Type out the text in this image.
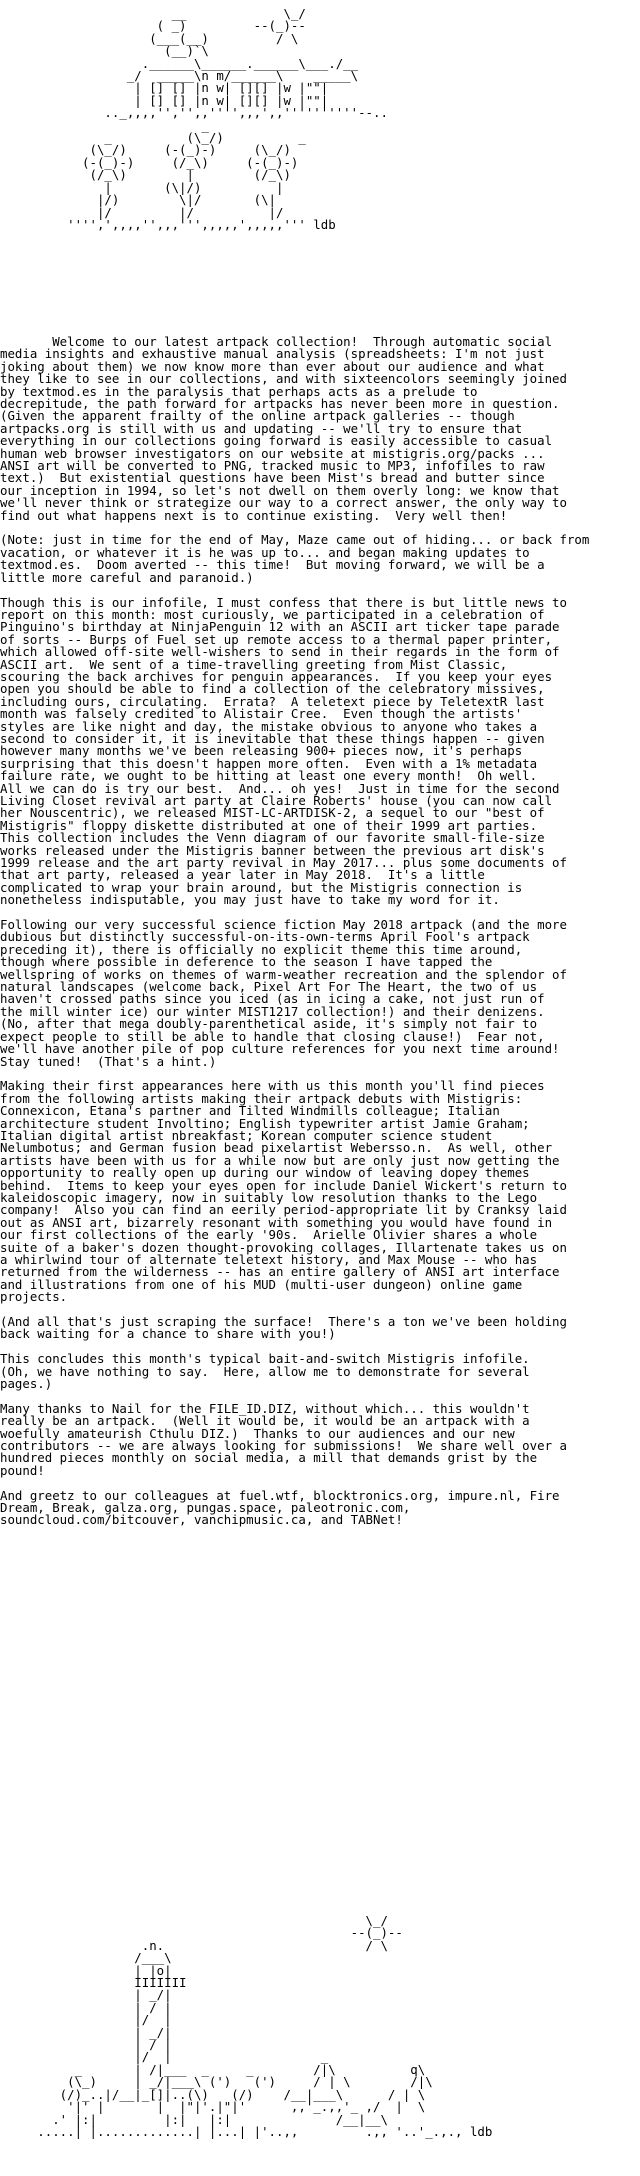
__             \_/
( _)         --(_)--
(___(__)         / \
(__)`\
.______\______.______\___./__
_/  _____\n m/______\    _____\
| [] [] |n w| [][] |w |""|
| [] [] |n w| [][] |w |""|
.._,,,,'','',,'''',,,',,''''''''''--..
_
_          (\_/)          _
(\_/)     (-(_)-)     (\_/)
(-(_)-)     (/_\)     (-(_)-)
(/_\)        |        (/_\)
|       (\|/)          |
|/)        \|/       (\|
|/         |/          |/
'''',',,,,'',,,''',,,,,',,,,,''' ldb
Welcome to our latest artpack collection!  Through automatic social
media insights and exhaustive manual analysis (spreadsheets: I'm not just
joking about them) we now know more than ever about our audience and what
they like to see in our collections, and with sixteencolors seemingly joined
by textmod.es in the paralysis that perhaps acts as a prelude to
decrepitude, the path forward for artpacks has never been more in question.
(Given the apparent frailty of the online artpack galleries -- though
artpacks.org is still with us and updating -- we'll try to ensure that
everything in our collections going forward is easily accessible to casual
human web browser investigators on our website at mistigris.org/packs ...
ANSI art will be converted to PNG, tracked music to MP3, infofiles to raw
text.)  But existential questions have been Mist's bread and butter since
our inception in 1994, so let's not dwell on them overly long: we know that
we'll never think or strategize our way to a correct answer, the only way to
find out what happens next is to continue existing.  Very well then!
(Note: just in time for the end of May, Maze came out of hiding... or back from
vacation, or whatever it is he was up to... and began making updates to
textmod.es.  Doom averted -- this time!  But moving forward, we will be a
little more careful and paranoid.)
Though this is our infofile, I must confess that there is but little news to
report on this month: most curiously, we participated in a celebration of
Pinguino's birthday at NinjaPenguin 12 with an ASCII art ticker tape parade
of sorts -- Burps of Fuel set up remote access to a thermal paper printer,
which allowed off-site well-wishers to send in their regards in the form of
ASCII art.  We sent of a time-travelling greeting from Mist Classic,
scouring the back archives for penguin appearances.  If you keep your eyes
open you should be able to find a collection of the celebratory missives,
including ours, circulating.  Errata?  A teletext piece by TeletextR last
month was falsely credited to Alistair Cree.  Even though the artists'
styles are like night and day, the mistake obvious to anyone who takes a
second to consider it, it is inevitable that these things happen -- given
however many months we've been releasing 900+ pieces now, it's perhaps
surprising that this doesn't happen more often.  Even with a 1% metadata
failure rate, we ought to be hitting at least one every month!  Oh well.
All we can do is try our best.  And... oh yes!  Just in time for the second
Living Closet revival art party at Claire Roberts' house (you can now call
her Nouscentric), we released MIST-LC-ARTDISK-2, a sequel to our "best of
Mistigris" floppy diskette distributed at one of their 1999 art parties.
This collection includes the Venn diagram of our favorite small-file-size
works released under the Mistigris banner between the previous art disk's
1999 release and the art party revival in May 2017... plus some documents of
that art party, released a year later in May 2018.  It's a little
complicated to wrap your brain around, but the Mistigris connection is
nonetheless indisputable, you may just have to take my word for it.
Following our very successful science fiction May 2018 artpack (and the more
dubious but distinctly successful-on-its-own-terms April Fool's artpack
preceding it), there is officially no explicit theme this time around,
though where possible in deference to the season I have tapped the
wellspring of works on themes of warm-weather recreation and the splendor of
natural landscapes (welcome back, Pixel Art For The Heart, the two of us
haven't crossed paths since you iced (as in icing a cake, not just run of
the mill winter ice) our winter MIST1217 collection!) and their denizens.
(No, after that mega doubly-parenthetical aside, it's simply not fair to
expect people to still be able to handle that closing clause!)  Fear not,
we'll have another pile of pop culture references for you next time around!
Stay tuned!  (That's a hint.)
Making their first appearances here with us this month you'll find pieces
from the following artists making their artpack debuts with Mistigris:
Connexicon, Etana's partner and Tilted Windmills colleague; Italian
architecture student Involtino; English typewriter artist Jamie Graham;
Italian digital artist nbreakfast; Korean computer science student
Nelumbotus; and German fusion bead pixelartist Webersso.n.  As well, other
artists have been with us for a while now but are only just now getting the
opportunity to really open up during our window of leaving dopey themes
behind.  Items to keep your eyes open for include Daniel Wickert's return to
kaleidoscopic imagery, now in suitably low resolution thanks to the Lego
company!  Also you can find an eerily period-appropriate lit by Cranksy laid
out as ANSI art, bizarrely resonant with something you would have found in
our first collections of the early '90s.  Arielle Olivier shares a whole
suite of a baker's dozen thought-provoking collages, Illartenate takes us on
a whirlwind tour of alternate teletext history, and Max Mouse -- who has
returned from the wilderness -- has an entire gallery of ANSI art interface
and illustrations from one of his MUD (multi-user dungeon) online game
projects.
(And all that's just scraping the surface!  There's a ton we've been holding
back waiting for a chance to share with you!)
This concludes this month's typical bait-and-switch Mistigris infofile.
(Oh, we have nothing to say.  Here, allow me to demonstrate for several
pages.)
Many thanks to Nail for the FILE_ID.DIZ, without which... this wouldn't
really be an artpack.  (Well it would be, it would be an artpack with a
woefully amateurish Cthulu DIZ.)  Thanks to our audiences and our new
contributors -- we are always looking for submissions!  We share well over a
hundred pieces monthly on social media, a mill that demands grist by the
pound!
And greetz to our colleagues at fuel.wtf, blocktronics.org, impure.nl, Fire
Dream, Break, galza.org, pungas.space, paleotronic.com,
soundcloud.com/bitcouver, vanchipmusic.ca, and TABNet!
\_/
--(_)--
.n.                           / \
/___\
| |o|
IIIIIII
| _/|
| / |
|/  |
| _/|
| / |
|/  |                    _
_       | /|___  _     _        /|\          q\
(\_)     | _/|___\ (')   (')     / | \        /|\
(/)_..|/__|_[]|..(\)   (/)    /__|___\      / | \
'|' |       |  |"|'.|"|'      ,,'_.,,'_ ,/  |  \
.' |:|         |:|   |:|              /__|__\
.....| |.............| |...| |'..,,         .,, '..'_.,., ldb
